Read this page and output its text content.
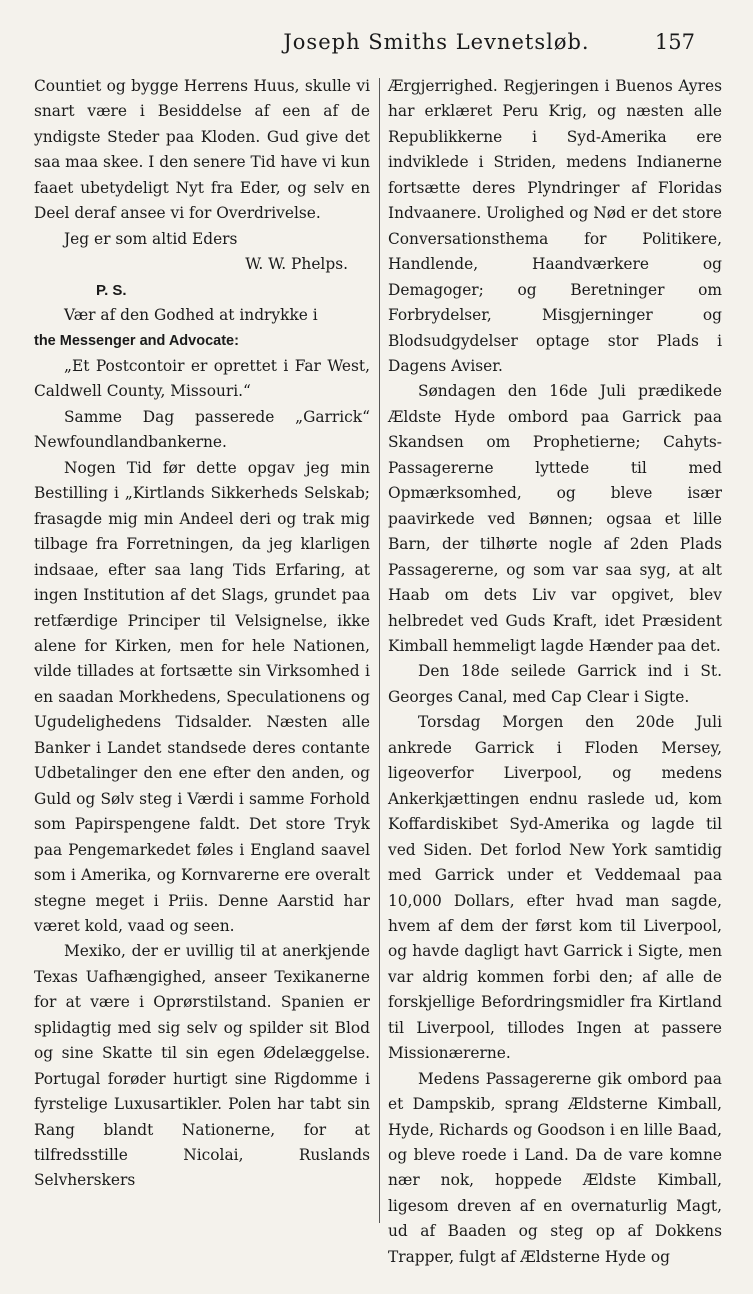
Joseph Smiths Levnetsløb.	157

Countiet og bygge Herrens Huus, skulle vi snart være i Besiddelse af een af de yndigste Steder paa Kloden. Gud give det saa maa skee. I den senere Tid have vi kun faaet ubetydeligt Nyt fra Eder, og selv en Deel deraf ansee vi for Overdrivelse.

Jeg er som altid Eders

W. W. Phelps.

P. S.

Vær af den Godhed at indrykke i

the Messenger and Advocate:

„Et Postcontoir er oprettet i Far West, Caldwell County, Missouri.“

Samme Dag passerede „Garrick“ Newfoundlandbankerne.

Nogen Tid før dette opgav jeg min Bestilling i „Kirtlands Sikkerheds Selskab; frasagde mig min Andeel deri og trak mig tilbage fra Forretningen, da jeg klarligen indsaae, efter saa lang Tids Erfaring, at ingen Institution af det Slags, grundet paa retfærdige Principer til Velsignelse, ikke alene for Kirken, men for hele Nationen, vilde tillades at fortsætte sin Virksomhed i en saadan Morkhedens, Speculationens og Ugudelighedens Tidsalder. Næsten alle Banker i Landet standsede deres contante Udbetalinger den ene efter den anden, og Guld og Sølv steg i Værdi i samme Forhold som Papirspengene faldt. Det store Tryk paa Pengemarkedet føles i England saavel som i Amerika, og Kornvarerne ere overalt stegne meget i Priis. Denne Aarstid har været kold, vaad og seen.

Mexiko, der er uvillig til at anerkjende Texas Uafhængighed, anseer Texikanerne for at være i Oprørstilstand. Spanien er splidagtig med sig selv og spilder sit Blod og sine Skatte til sin egen Ødelæggelse. Portugal forøder hurtigt sine Rigdomme i fyrstelige Luxusartikler. Polen har tabt sin Rang blandt Nationerne, for at tilfredsstille Nicolai, Ruslands Selvherskers

Ærgjerrighed. Regjeringen i Buenos Ayres har erklæret Peru Krig, og næsten alle Republikkerne i Syd-Amerika ere indviklede i Striden, medens Indianerne fortsætte deres Plyndringer af Floridas Indvaanere. Urolighed og Nød er det store Conversationsthema for Politikere, Handlende, Haandværkere og Demagoger; og Beretninger om Forbrydelser, Misgjerninger og Blodsudgydelser optage stor Plads i Dagens Aviser.

Søndagen den 16de Juli prædikede Ældste Hyde ombord paa Garrick paa Skandsen om Prophetierne; Cahyts-Passagererne lyttede til med Opmærksomhed, og bleve især paavirkede ved Bønnen; ogsaa et lille Barn, der tilhørte nogle af 2den Plads Passagererne, og som var saa syg, at alt Haab om dets Liv var opgivet, blev helbredet ved Guds Kraft, idet Præsident Kimball hemmeligt lagde Hænder paa det.

Den 18de seilede Garrick ind i St. Georges Canal, med Cap Clear i Sigte.

Torsdag Morgen den 20de Juli ankrede Garrick i Floden Mersey, ligeoverfor Liverpool, og medens Ankerkjættingen endnu raslede ud, kom Koffardiskibet Syd-Amerika og lagde til ved Siden. Det forlod New York samtidig med Garrick under et Veddemaal paa 10,000 Dollars, efter hvad man sagde, hvem af dem der først kom til Liverpool, og havde dagligt havt Garrick i Sigte, men var aldrig kommen forbi den; af alle de forskjellige Befordringsmidler fra Kirtland til Liverpool, tillodes Ingen at passere Missionærerne.

Medens Passagererne gik ombord paa et Dampskib, sprang Ældsterne Kimball, Hyde, Richards og Goodson i en lille Baad, og bleve roede i Land. Da de vare komne nær nok, hoppede Ældste Kimball, ligesom dreven af en overnaturlig Magt, ud af Baaden og steg op af Dokkens Trapper, fulgt af Ældsterne Hyde og
